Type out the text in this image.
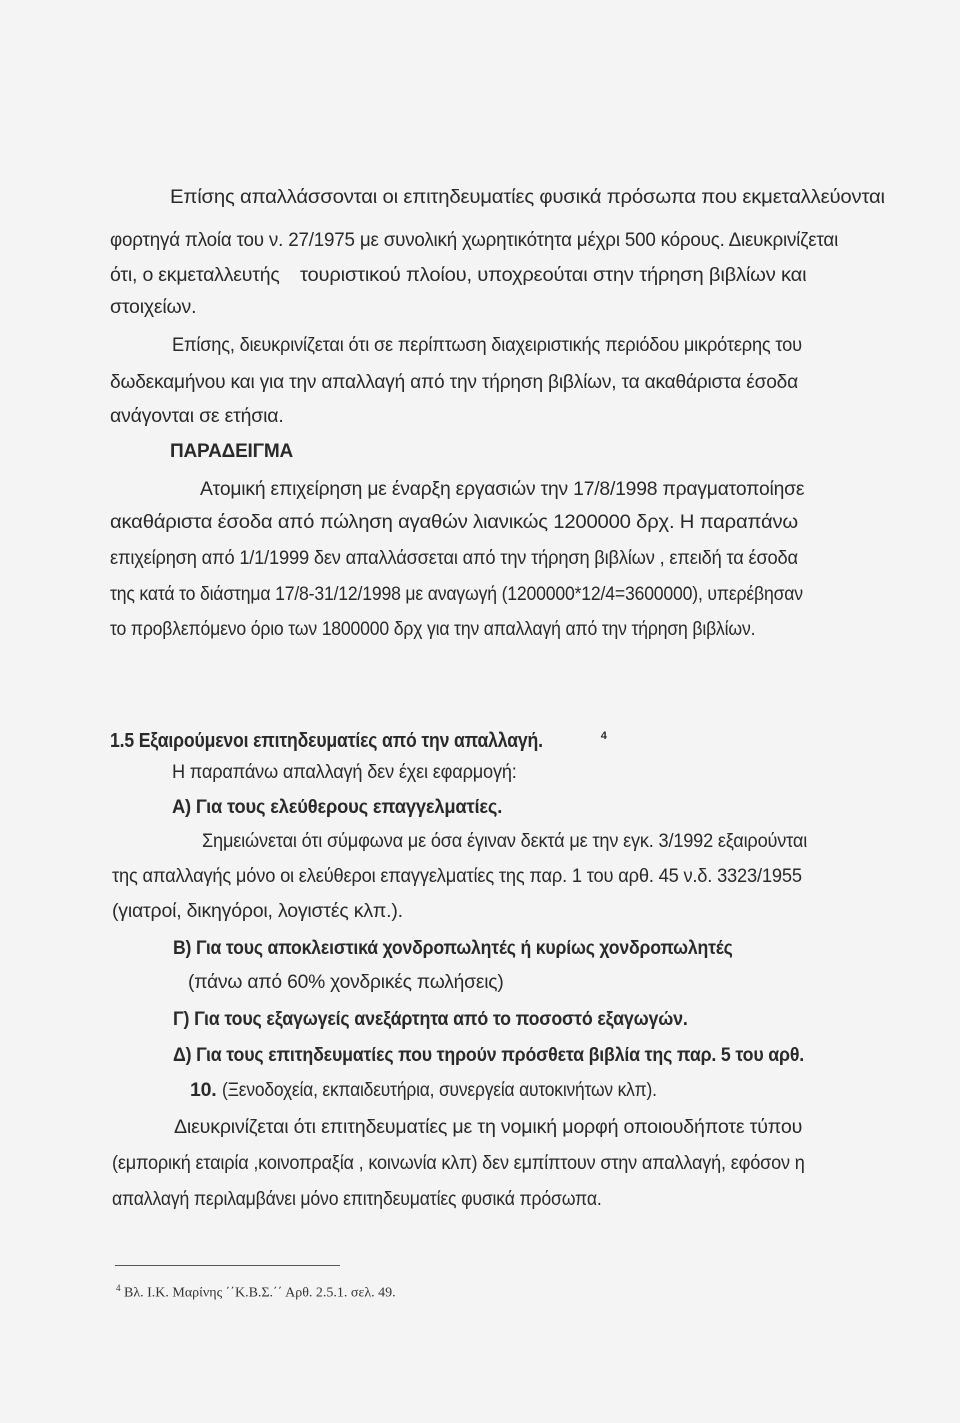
Επίσης απαλλάσσονται οι επιτηδευματίες φυσικά πρόσωπα που εκμεταλλεύονται
φορτηγά πλοία του ν. 27/1975 με συνολική χωρητικότητα μέχρι 500 κόρους. Διευκρινίζεται
ότι, ο εκμεταλλευτής τουριστικού πλοίου, υποχρεούται στην τήρηση βιβλίων και
στοιχείων.
Επίσης, διευκρινίζεται ότι σε περίπτωση διαχειριστικής περιόδου μικρότερης του
δωδεκαμήνου και για την απαλλαγή από την τήρηση βιβλίων, τα ακαθάριστα έσοδα
ανάγονται σε ετήσια.
ΠΑΡΑΔΕΙΓΜΑ
Ατομική επιχείρηση με έναρξη εργασιών την 17/8/1998 πραγματοποίησε
ακαθάριστα έσοδα από πώληση αγαθών λιανικώς 1200000 δρχ. Η παραπάνω
επιχείρηση από 1/1/1999 δεν απαλλάσσεται από την τήρηση βιβλίων , επειδή τα έσοδα
της κατά το διάστημα 17/8-31/12/1998 με αναγωγή (1200000*12/4=3600000), υπερέβησαν
το προβλεπόμενο όριο των 1800000 δρχ για την απαλλαγή από την τήρηση βιβλίων.
1.5 Εξαιρούμενοι επιτηδευματίες από την απαλλαγή.	$^4$
Η παραπάνω απαλλαγή δεν έχει εφαρμογή:
Α) Για τους ελεύθερους επαγγελματίες.
Σημειώνεται ότι σύμφωνα με όσα έγιναν δεκτά με την εγκ. 3/1992 εξαιρούνται
της απαλλαγής μόνο οι ελεύθεροι επαγγελματίες της παρ. 1 του αρθ. 45 ν.δ. 3323/1955
(γιατροί, δικηγόροι, λογιστές κλπ.).
Β) Για τους αποκλειστικά χονδροπωλητές ή κυρίως χονδροπωλητές
(πάνω από 60% χονδρικές πωλήσεις)
Γ) Για τους εξαγωγείς ανεξάρτητα από το ποσοστό εξαγωγών.
Δ) Για τους επιτηδευματίες που τηρούν πρόσθετα βιβλία της παρ. 5 του αρθ.
10. (Ξενοδοχεία, εκπαιδευτήρια, συνεργεία αυτοκινήτων κλπ).
Διευκρινίζεται ότι επιτηδευματίες με τη νομική μορφή οποιουδήποτε τύπου
(εμπορική εταιρία ,κοινοπραξία , κοινωνία κλπ) δεν εμπίπτουν στην απαλλαγή, εφόσον η
απαλλαγή περιλαμβάνει μόνο επιτηδευματίες φυσικά πρόσωπα.
$^4$ Βλ. Ι.Κ. Μαρίνης ΄΄Κ.Β.Σ.΄΄ Αρθ. 2.5.1. σελ. 49.
